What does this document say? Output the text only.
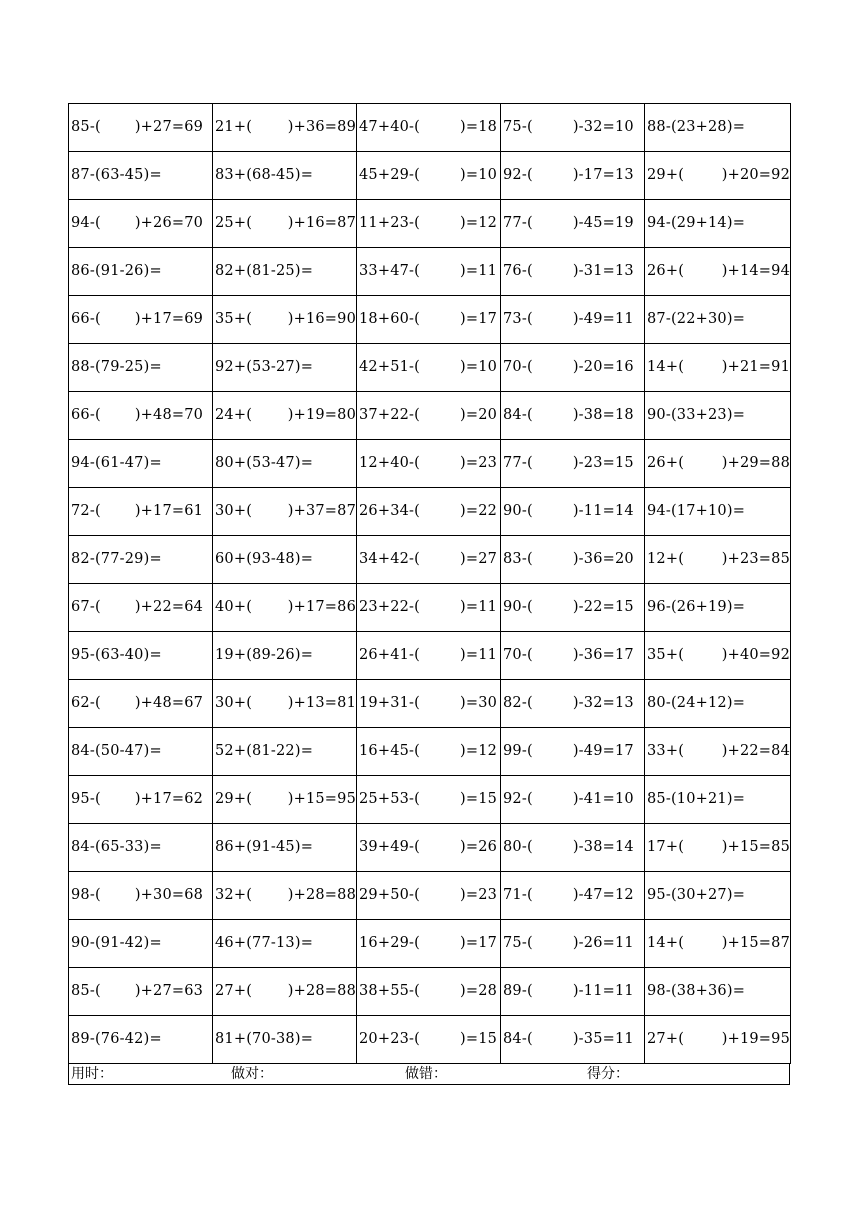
85-( )+27=69	21+( )+36=89	47+40-( )=18	75-( )-32=10	88-(23+28)=

87-(63-45)=	83+(68-45)=	45+29-( )=10	92-( )-17=13	29+( )+20=92

94-( )+26=70	25+( )+16=87	11+23-( )=12	77-( )-45=19	94-(29+14)=

86-(91-26)=	82+(81-25)=	33+47-( )=11	76-( )-31=13	26+( )+14=94

66-( )+17=69	35+( )+16=90	18+60-( )=17	73-( )-49=11	87-(22+30)=

88-(79-25)=	92+(53-27)=	42+51-( )=10	70-( )-20=16	14+( )+21=91

66-( )+48=70	24+( )+19=80	37+22-( )=20	84-( )-38=18	90-(33+23)=

94-(61-47)=	80+(53-47)=	12+40-( )=23	77-( )-23=15	26+( )+29=88

72-( )+17=61	30+( )+37=87	26+34-( )=22	90-( )-11=14	94-(17+10)=

82-(77-29)=	60+(93-48)=	34+42-( )=27	83-( )-36=20	12+( )+23=85

67-( )+22=64	40+( )+17=86	23+22-( )=11	90-( )-22=15	96-(26+19)=

95-(63-40)=	19+(89-26)=	26+41-( )=11	70-( )-36=17	35+( )+40=92

62-( )+48=67	30+( )+13=81	19+31-( )=30	82-( )-32=13	80-(24+12)=

84-(50-47)=	52+(81-22)=	16+45-( )=12	99-( )-49=17	33+( )+22=84

95-( )+17=62	29+( )+15=95	25+53-( )=15	92-( )-41=10	85-(10+21)=

84-(65-33)=	86+(91-45)=	39+49-( )=26	80-( )-38=14	17+( )+15=85

98-( )+30=68	32+( )+28=88	29+50-( )=23	71-( )-47=12	95-(30+27)=

90-(91-42)=	46+(77-13)=	16+29-( )=17	75-( )-26=11	14+( )+15=87

85-( )+27=63	27+( )+28=88	38+55-( )=28	89-( )-11=11	98-(38+36)=

89-(76-42)=	81+(70-38)=	20+23-( )=15	84-( )-35=11	27+( )+19=95
用时：	做对：	做错：	得分：
